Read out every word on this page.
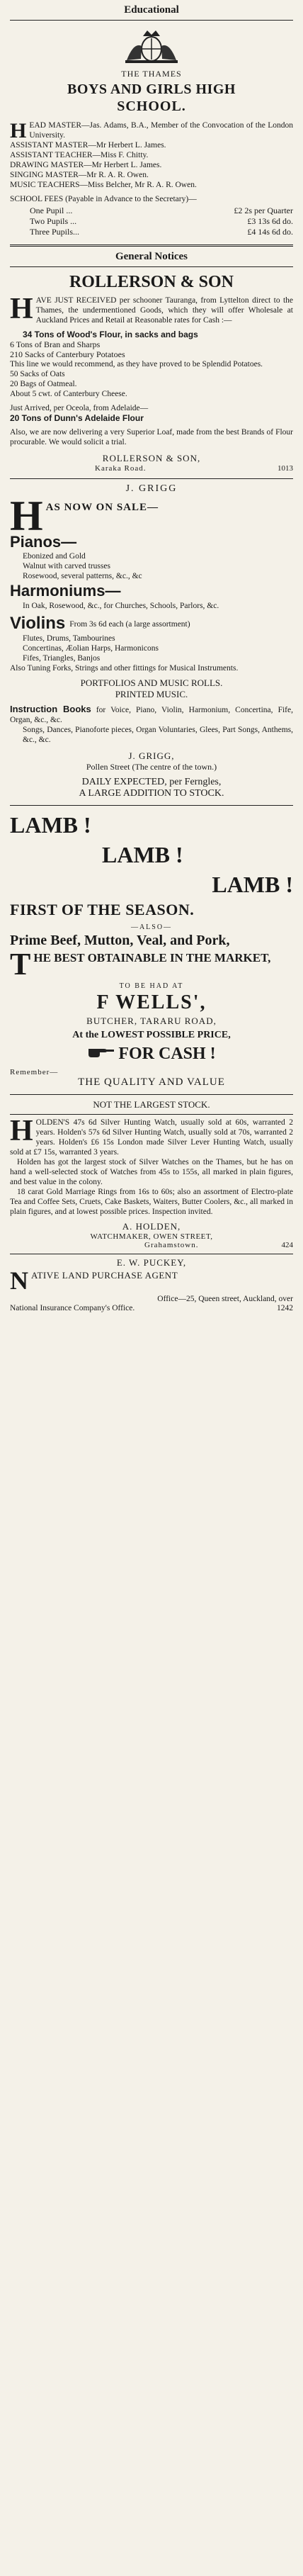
Educational
THE THAMES
BOYS AND GIRLS HIGH
SCHOOL.
HEAD MASTER—Jas. Adams, B.A., Member of the Convocation of the London University.
ASSISTANT MASTER—Mr Herbert L. James.
ASSISTANT TEACHER—Miss F. Chitty.
DRAWING MASTER—Mr Herbert L. James.
SINGING MASTER—Mr R. A. R. Owen.
MUSIC TEACHERS—Miss Belcher, Mr R. A. R. Owen.
SCHOOL FEES (Payable in Advance to the Secretary)—
One Pupil ...	£2 2s per Quarter
Two Pupils ...	£3 13s 6d do.
Three Pupils...	£4 14s 6d do.
General Notices
ROLLERSON & SON
HAVE JUST RECEIVED per schooner Tauranga, from Lyttelton direct to the Thames, the undermentioned Goods, which they will offer Wholesale at Auckland Prices and Retail at Reasonable rates for Cash :—
34 Tons of Wood's Flour, in sacks and bags
6 Tons of Bran and Sharps
210 Sacks of Canterbury Potatoes
This line we would recommend, as they have proved to be Splendid Potatoes.
50 Sacks of Oats
20 Bags of Oatmeal.
About 5 cwt. of Canterbury Cheese.
Just Arrived, per Oceola, from Adelaide—
20 Tons of Dunn's Adelaide Flour
Also, we are now delivering a very Superior Loaf, made from the best Brands of Flour procurable. We would solicit a trial.
ROLLERSON & SON,
Karaka Road.	1013
J. GRIGG
H AS NOW ON SALE—
Pianos—
Ebonized and Gold
Walnut with carved trusses
Rosewood, several patterns, &c., &c
Harmoniums—
In Oak, Rosewood, &c., for Churches, Schools, Parlors, &c.
Violins From 3s 6d each (a large assortment)
Flutes, Drums, Tambourines
Concertinas, Æolian Harps, Harmonicons
Fifes, Triangles, Banjos
Also Tuning Forks, Strings and other fittings for Musical Instruments.
PORTFOLIOS AND MUSIC ROLLS.
PRINTED MUSIC.
Instruction Books for Voice, Piano, Violin, Harmonium, Concertina, Fife, Organ, &c., &c.
Songs, Dances, Pianoforte pieces, Organ Voluntaries, Glees, Part Songs, Anthems, &c., &c.
J. GRIGG,
Pollen Street (The centre of the town.)
DAILY EXPECTED, per Ferngles,
A LARGE ADDITION TO STOCK.
LAMB !
LAMB !
LAMB !
FIRST OF THE SEASON.
—ALSO—
Prime Beef, Mutton, Veal, and Pork,
T HE BEST OBTAINABLE IN THE MARKET,
TO BE HAD AT
F WELLS',
BUTCHER, TARARU ROAD,
At the LOWEST POSSIBLE PRICE,
FOR CASH !
Remember—
THE QUALITY AND VALUE
NOT THE LARGEST STOCK.
HOLDEN'S 47s 6d Silver Hunting Watch, usually sold at 60s, warranted 2 years. Holden's 57s 6d Silver Hunting Watch, usually sold at 70s, warranted 2 years. Holden's £6 15s London made Silver Lever Hunting Watch, usually sold at £7 15s, warranted 3 years.
Holden has got the largest stock of Silver Watches on the Thames, but he has on hand a well-selected stock of Watches from 45s to 155s, all marked in plain figures, and best value in the colony.
18 carat Gold Marriage Rings from 16s to 60s; also an assortment of Electro-plate Tea and Coffee Sets, Cruets, Cake Baskets, Waiters, Butter Coolers, &c., all marked in plain figures, and at lowest possible prices. Inspection invited.
A. HOLDEN,
WATCHMAKER, OWEN STREET,
Grahamstown.	424
E. W. PUCKEY,
N ATIVE LAND PURCHASE AGENT
Office—25, Queen street, Auckland, over
National Insurance Company's Office.	1242
